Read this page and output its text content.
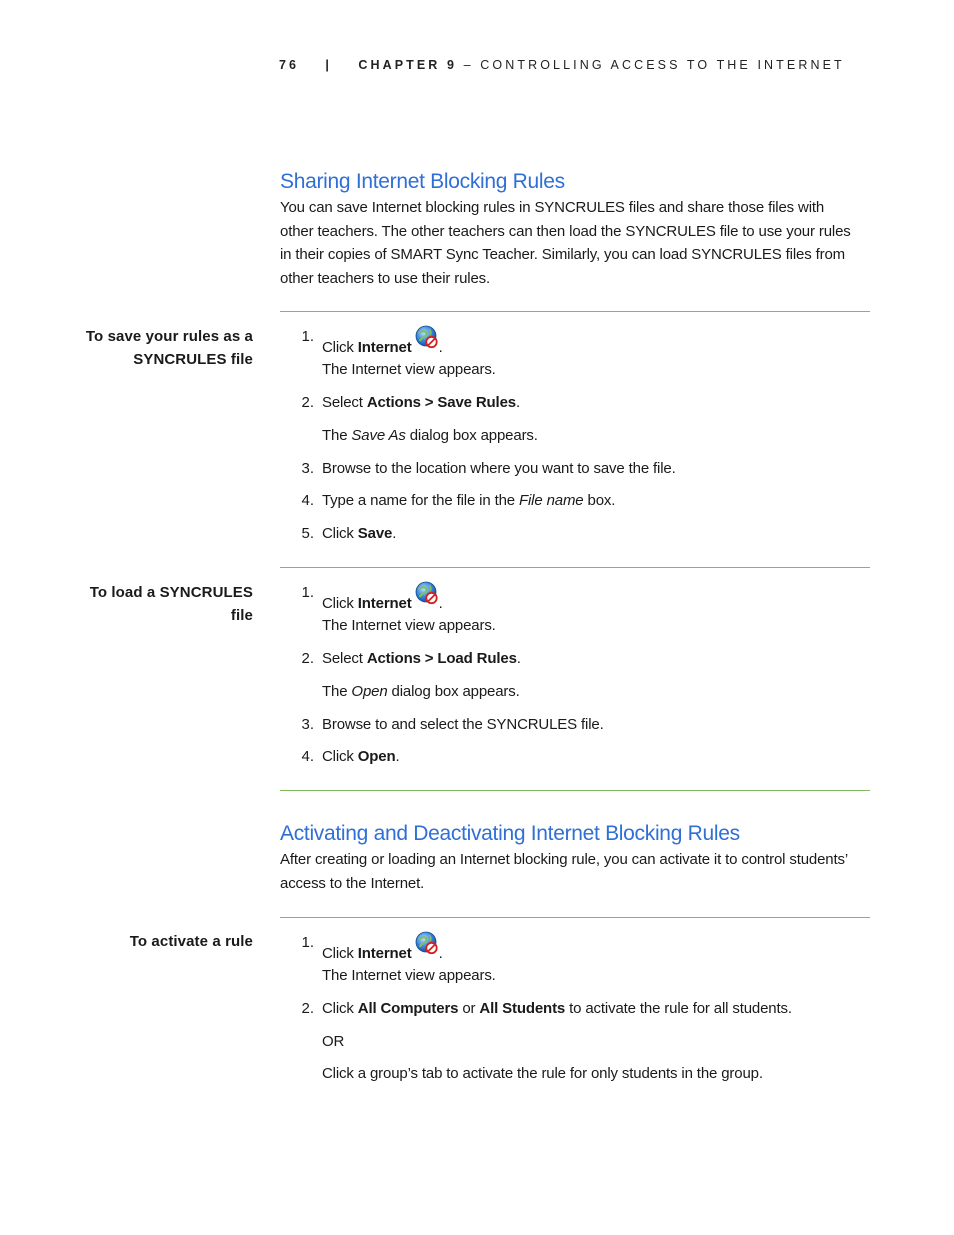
76 | CHAPTER 9 – CONTROLLING ACCESS TO THE INTERNET
Sharing Internet Blocking Rules
You can save Internet blocking rules in SYNCRULES files and share those files with
other teachers. The other teachers can then load the SYNCRULES file to use your rules
in their copies of SMART Sync Teacher. Similarly, you can load SYNCRULES files from
other teachers to use their rules.
To save your rules as a
SYNCRULES file
1.
Click Internet .
The Internet view appears.
2. Select Actions > Save Rules.
The Save As dialog box appears.
3. Browse to the location where you want to save the file.
4. Type a name for the file in the File name box.
5. Click Save.
To load a SYNCRULES
file
1.
Click Internet .
The Internet view appears.
2. Select Actions > Load Rules.
The Open dialog box appears.
3. Browse to and select the SYNCRULES file.
4. Click Open.
Activating and Deactivating Internet Blocking Rules
After creating or loading an Internet blocking rule, you can activate it to control students’
access to the Internet.
To activate a rule	1.
Click Internet .
The Internet view appears.
2. Click All Computers or All Students to activate the rule for all students.
OR
Click a group’s tab to activate the rule for only students in the group.
